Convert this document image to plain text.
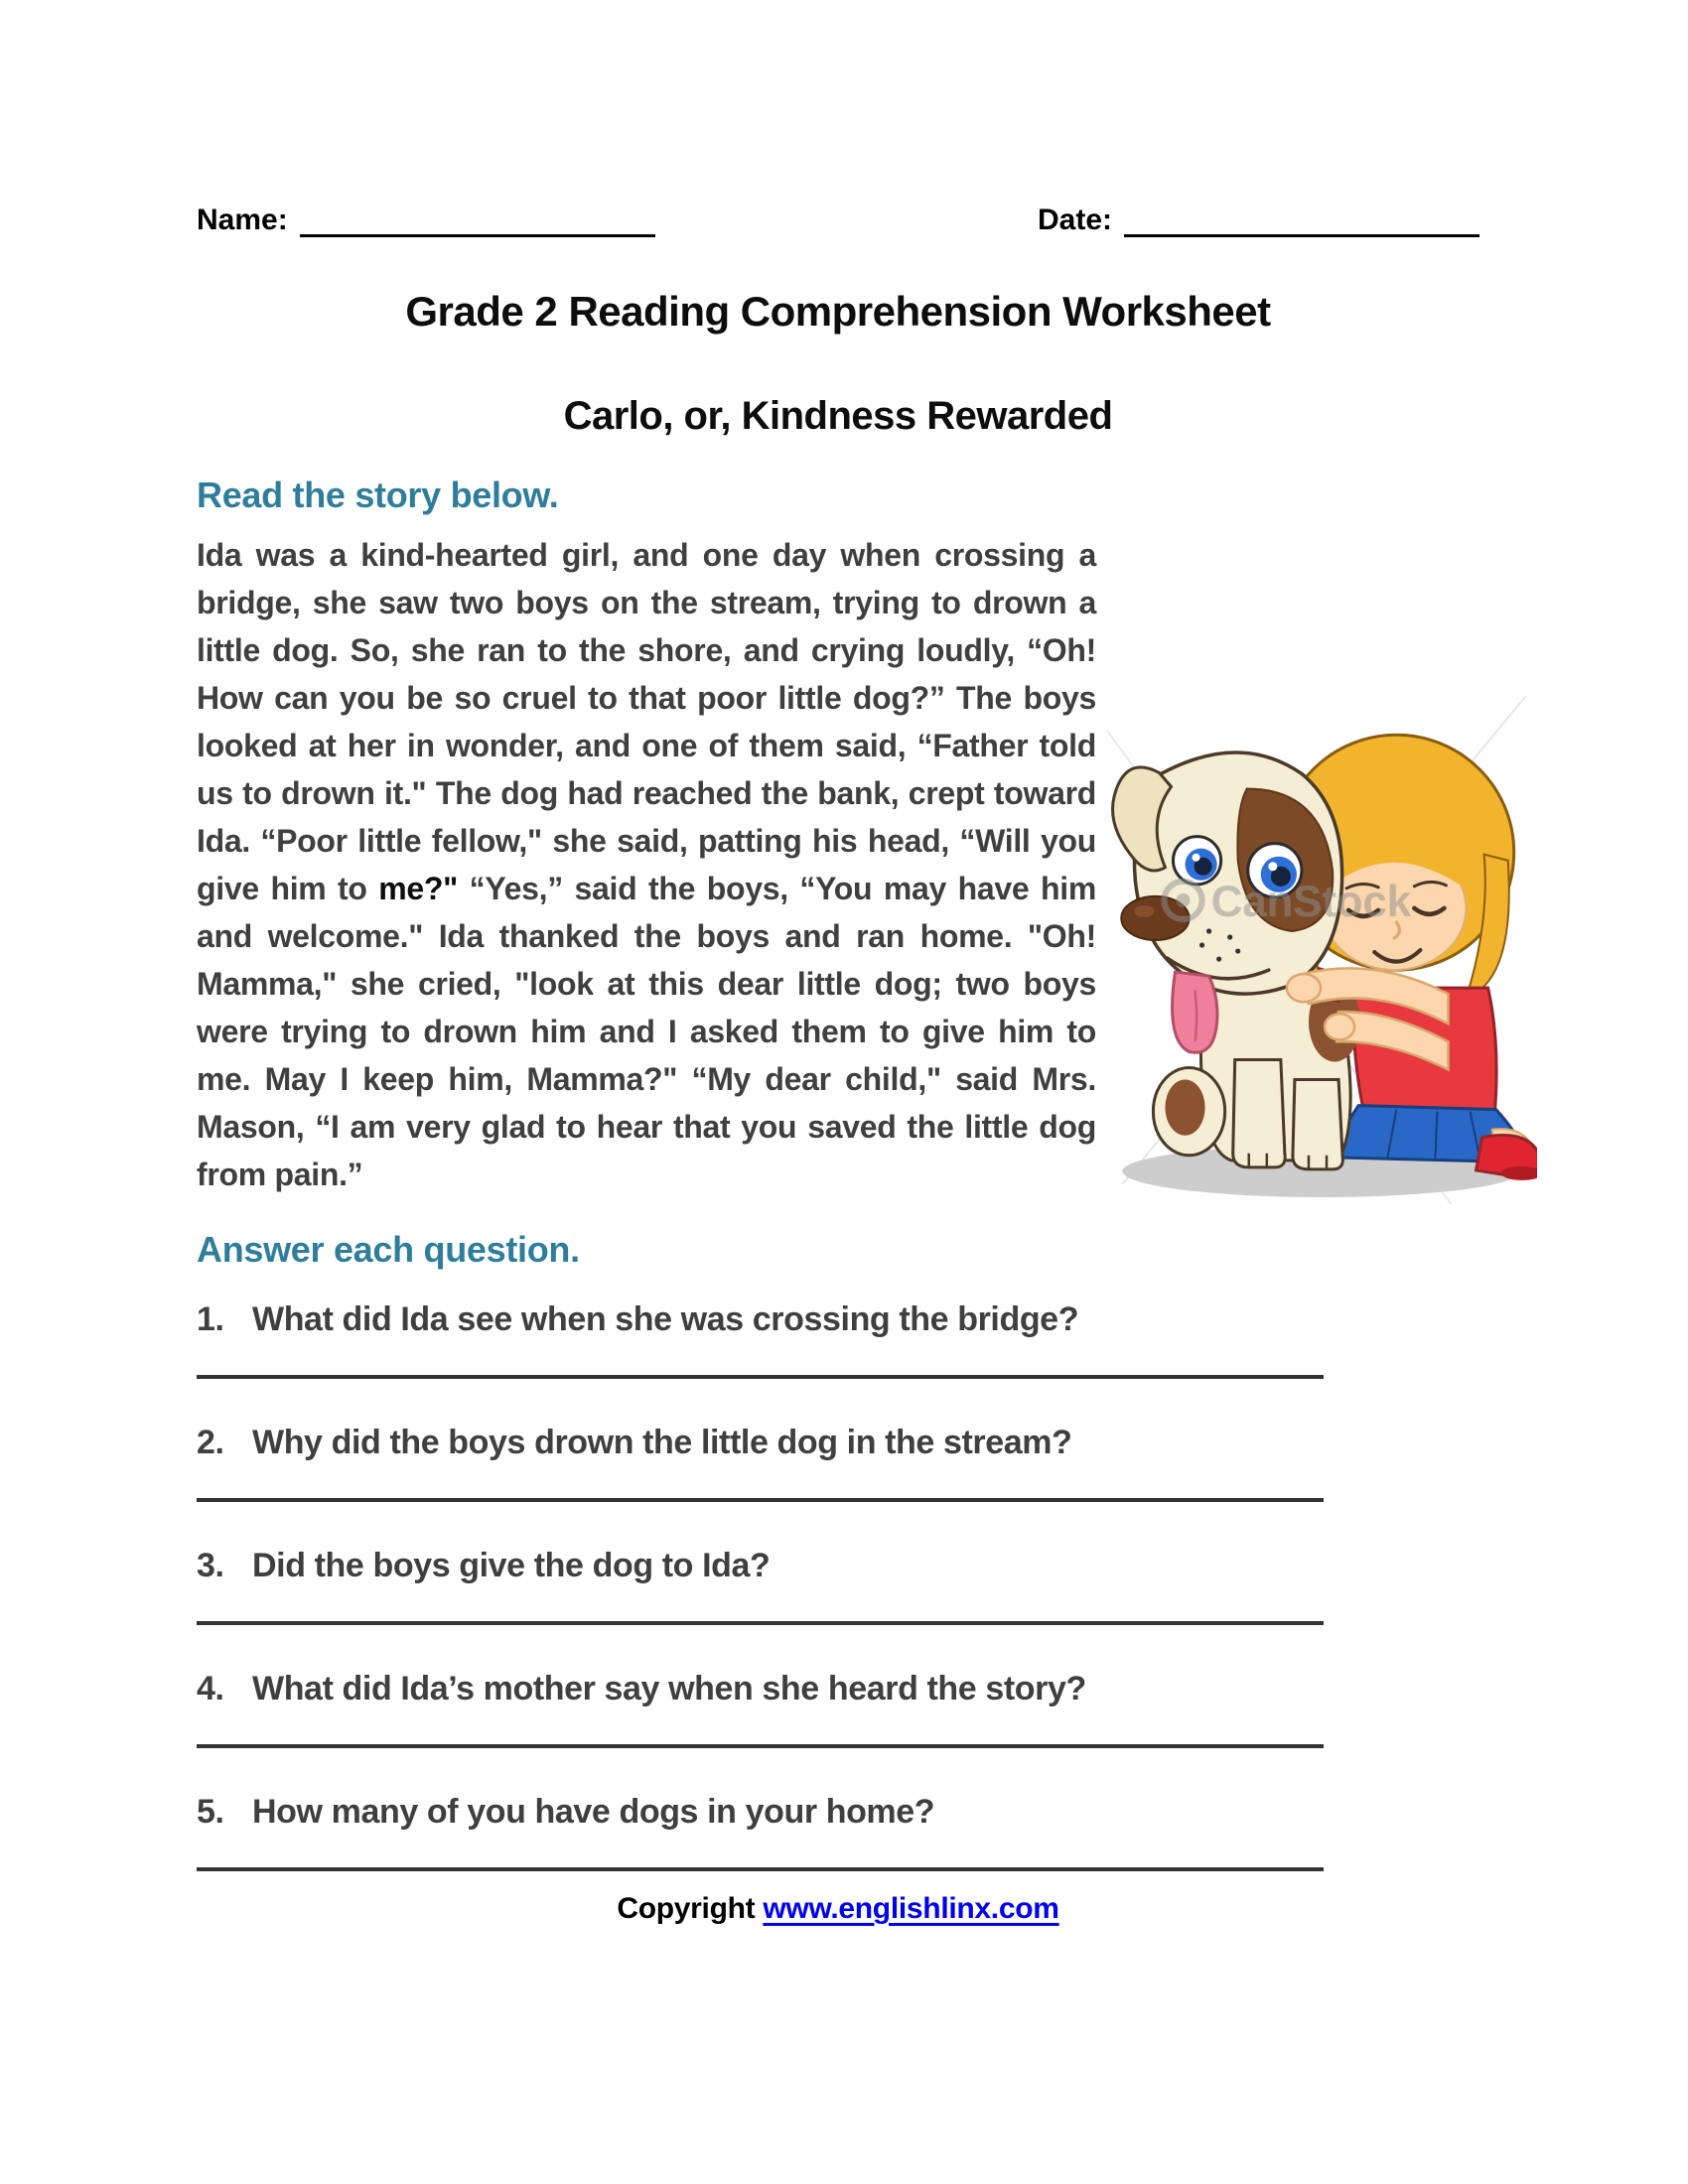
Name:	Date:
Grade 2 Reading Comprehension Worksheet
Carlo, or, Kindness Rewarded
Read the story below.
CanStock
Ida was a kind-hearted girl, and one day when crossing a bridge, she saw two boys on the stream, trying to drown a little dog. So, she ran to the shore, and crying loudly, “Oh! How can you be so cruel to that poor little dog?” The boys looked at her in wonder, and one of them said, “Father told us to drown it." The dog had reached the bank, crept toward Ida. “Poor little fellow," she said, patting his head, “Will you give him to me?" “Yes,” said the boys, “You may have him and welcome." Ida thanked the boys and ran home. "Oh! Mamma," she cried, "look at this dear little dog; two boys were trying to drown him and I asked them to give him to me. May I keep him, Mamma?" “My dear child," said Mrs. Mason, “I am very glad to hear that you saved the little dog from pain.”
Answer each question.
1. What did Ida see when she was crossing the bridge?
2. Why did the boys drown the little dog in the stream?
3. Did the boys give the dog to Ida?
4. What did Ida’s mother say when she heard the story?
5. How many of you have dogs in your home?
Copyright www.englishlinx.com
